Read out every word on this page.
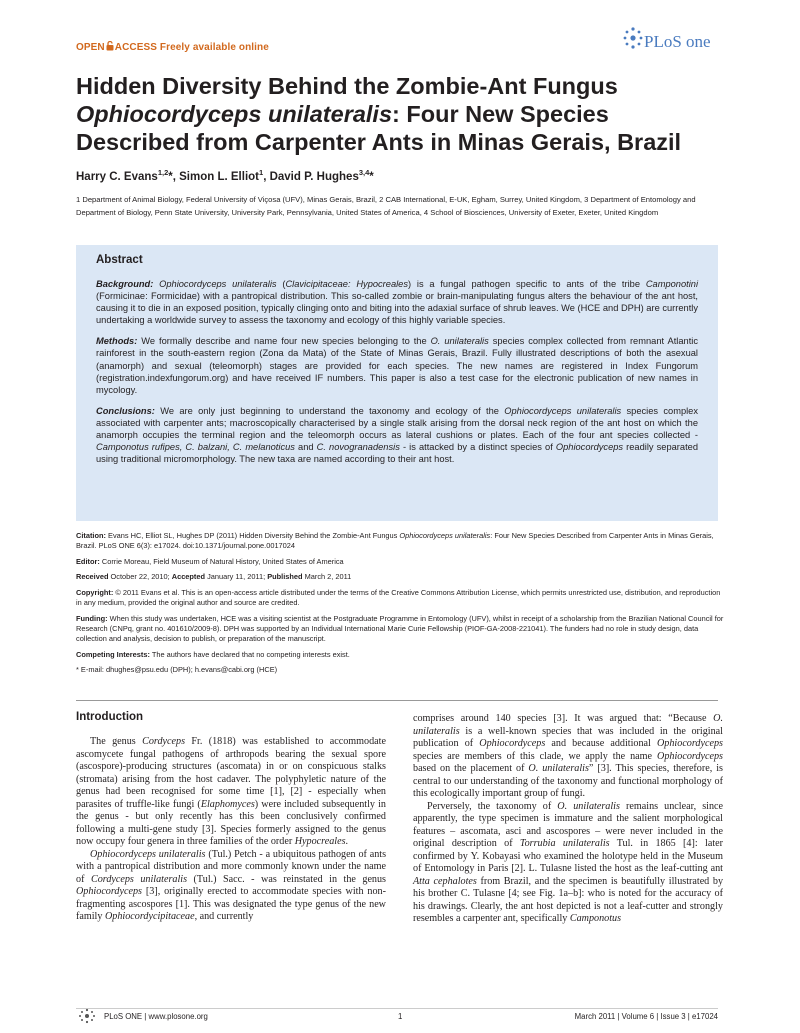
OPEN ACCESS Freely available online	PLoS one
Hidden Diversity Behind the Zombie-Ant Fungus
Ophiocordyceps unilateralis: Four New Species
Described from Carpenter Ants in Minas Gerais, Brazil
Harry C. Evans$^{1,2}$*, Simon L. Elliot$^1$, David P. Hughes$^{3,4}$*
1 Department of Animal Biology, Federal University of Viçosa (UFV), Minas Gerais, Brazil, 2 CAB International, E-UK, Egham, Surrey, United Kingdom, 3 Department of Entomology and Department of Biology, Penn State University, University Park, Pennsylvania, United States of America, 4 School of Biosciences, University of Exeter, Exeter, United Kingdom
Abstract

Background: Ophiocordyceps unilateralis (Clavicipitaceae: Hypocreales) is a fungal pathogen specific to ants of the tribe Camponotini (Formicinae: Formicidae) with a pantropical distribution. This so-called zombie or brain-manipulating fungus alters the behaviour of the ant host, causing it to die in an exposed position, typically clinging onto and biting into the adaxial surface of shrub leaves. We (HCE and DPH) are currently undertaking a worldwide survey to assess the taxonomy and ecology of this highly variable species.

Methods: We formally describe and name four new species belonging to the O. unilateralis species complex collected from remnant Atlantic rainforest in the south-eastern region (Zona da Mata) of the State of Minas Gerais, Brazil. Fully illustrated descriptions of both the asexual (anamorph) and sexual (teleomorph) stages are provided for each species. The new names are registered in Index Fungorum (registration.indexfungorum.org) and have received IF numbers. This paper is also a test case for the electronic publication of new names in mycology.

Conclusions: We are only just beginning to understand the taxonomy and ecology of the Ophiocordyceps unilateralis species complex associated with carpenter ants; macroscopically characterised by a single stalk arising from the dorsal neck region of the ant host on which the anamorph occupies the terminal region and the teleomorph occurs as lateral cushions or plates. Each of the four ant species collected - Camponotus rufipes, C. balzani, C. melanoticus and C. novogranadensis - is attacked by a distinct species of Ophiocordyceps readily separated using traditional micromorphology. The new taxa are named according to their ant host.

Citation: Evans HC, Elliot SL, Hughes DP (2011) Hidden Diversity Behind the Zombie-Ant Fungus Ophiocordyceps unilateralis: Four New Species Described from Carpenter Ants in Minas Gerais, Brazil. PLoS ONE 6(3): e17024. doi:10.1371/journal.pone.0017024

Editor: Corrie Moreau, Field Museum of Natural History, United States of America

Received October 22, 2010; Accepted January 11, 2011; Published March 2, 2011

Copyright: © 2011 Evans et al. This is an open-access article distributed under the terms of the Creative Commons Attribution License, which permits unrestricted use, distribution, and reproduction in any medium, provided the original author and source are credited.

Funding: When this study was undertaken, HCE was a visiting scientist at the Postgraduate Programme in Entomology (UFV), whilst in receipt of a scholarship from the Brazilian National Council for Research (CNPq, grant no. 401610/2009-8). DPH was supported by an Individual International Marie Curie Fellowship (PIOF-GA-2008-221041). The funders had no role in study design, data collection and analysis, decision to publish, or preparation of the manuscript.

Competing Interests: The authors have declared that no competing interests exist.

* E-mail: dhughes@psu.edu (DPH); h.evans@cabi.org (HCE)

Introduction

The genus Cordyceps Fr. (1818) was established to accommodate ascomycete fungal pathogens of arthropods bearing the sexual spore (ascospore)-producing structures (ascomata) in or on conspicuous stalks (stromata) arising from the host cadaver. The polyphyletic nature of the genus had been recognised for some time [1], [2] - especially when parasites of truffle-like fungi (Elaphomyces) were included subsequently in the genus - but only recently has this been conclusively confirmed following a multi-gene study [3]. Species formerly assigned to the genus now occupy four genera in three families of the order Hypocreales.

Ophiocordyceps unilateralis (Tul.) Petch - a ubiquitous pathogen of ants with a pantropical distribution and more commonly known under the name of Cordyceps unilateralis (Tul.) Sacc. - was reinstated in the genus Ophiocordyceps [3], originally erected to accommodate species with non-fragmenting ascospores [1]. This was designated the type genus of the new family Ophiocordycipitaceae, and currently

comprises around 140 species [3]. It was argued that: “Because O. unilateralis is a well-known species that was included in the original publication of Ophiocordyceps and because additional Ophiocordyceps species are members of this clade, we apply the name Ophiocordyceps based on the placement of O. unilateralis” [3]. This species, therefore, is central to our understanding of the taxonomy and functional morphology of this ecologically important group of fungi.

Perversely, the taxonomy of O. unilateralis remains unclear, since apparently, the type specimen is immature and the salient morphological features – ascomata, asci and ascospores – were never included in the original description of Torrubia unilateralis Tul. in 1865 [4]: later confirmed by Y. Kobayasi who examined the holotype held in the Museum of Entomology in Paris [2]. L. Tulasne listed the host as the leaf-cutting ant Atta cephalotes from Brazil, and the specimen is beautifully illustrated by his brother C. Tulasne [4; see Fig. 1a–b]: who is noted for the accuracy of his drawings. Clearly, the ant host depicted is not a leaf-cutter and strongly resembles a carpenter ant, specifically Camponotus

PLoS ONE | www.plosone.org	1	March 2011 | Volume 6 | Issue 3 | e17024
